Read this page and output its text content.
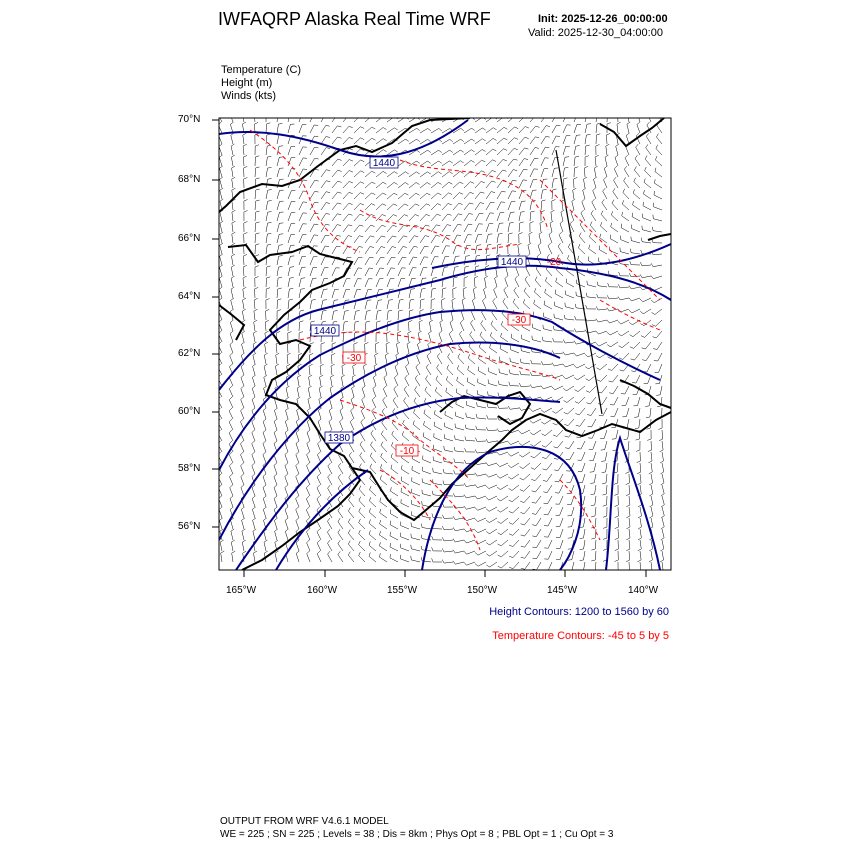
IWFAQRP Alaska Real Time WRF	Init: 2025-12-26_00:00:00
Valid: 2025-12-30_04:00:00
Temperature (C)
Height (m)
Winds (kts)
1440
1440
1440
1380
-20
-30
-30
-10
70°N
68°N
66°N
64°N
62°N
60°N
58°N
56°N
165°W	160°W	155°W	150°W	145°W	140°W
Height Contours: 1200 to 1560 by 60
Temperature Contours: -45 to 5 by 5
OUTPUT FROM WRF V4.6.1 MODEL
WE = 225 ; SN = 225 ; Levels = 38 ; Dis = 8km ; Phys Opt = 8 ; PBL Opt = 1 ; Cu Opt = 3
